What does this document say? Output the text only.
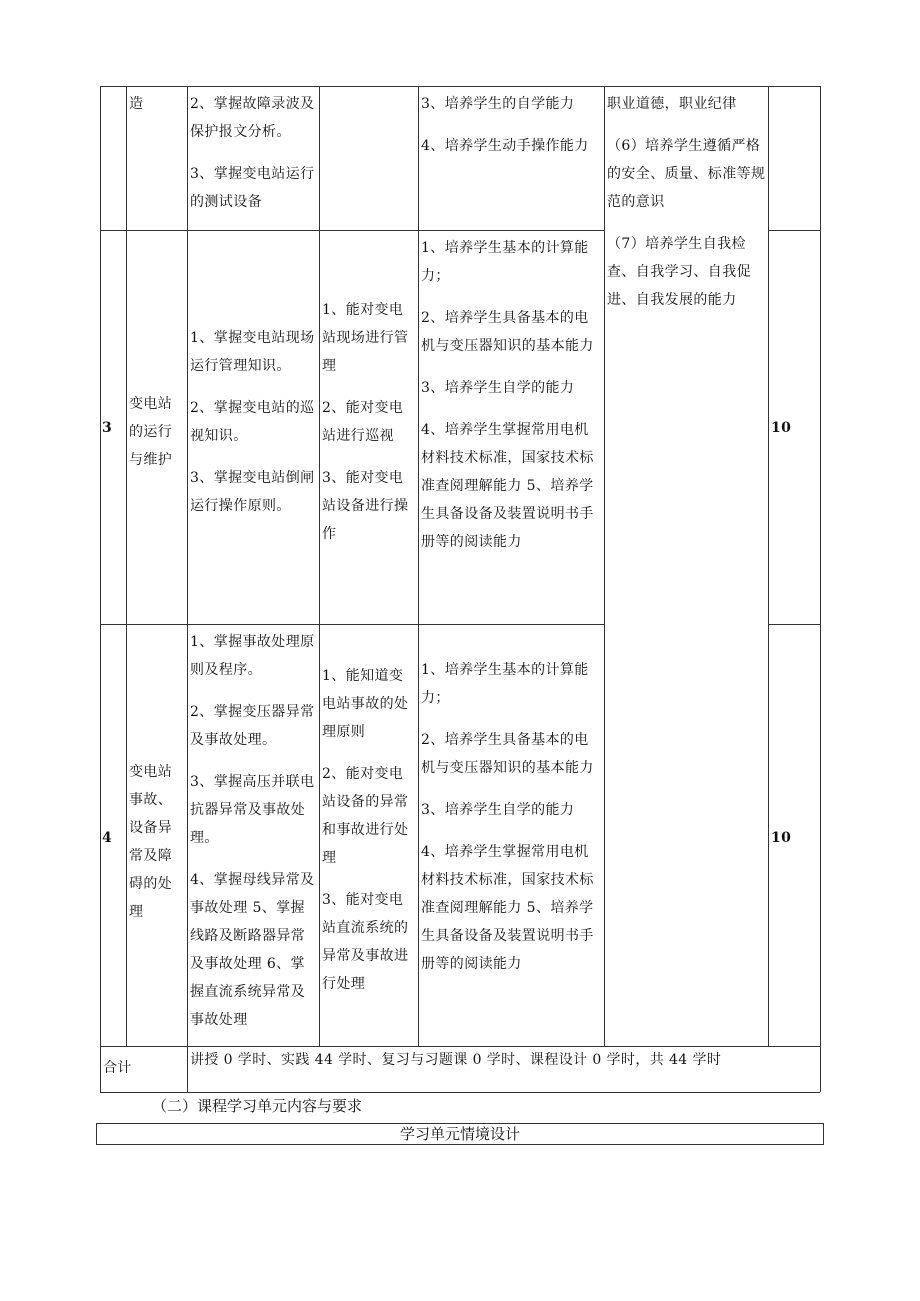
造	2、掌握故障录波及保护报文分析。

3、掌握变电站运行的测试设备

3、培养学生的自学能力

4、培养学生动手操作能力

职业道德，职业纪律

（6）培养学生遵循严格的安全、质量、标准等规范的意识

（7）培养学生自我检查、自我学习、自我促进、自我发展的能力

3

变电站的运行与维护

1、掌握变电站现场运行管理知识。

2、掌握变电站的巡视知识。

3、掌握变电站倒闸运行操作原则。

1、能对变电站现场进行管理

2、能对变电站进行巡视

3、能对变电站设备进行操作

1、培养学生基本的计算能力；

2、培养学生具备基本的电机与变压器知识的基本能力

3、培养学生自学的能力

4、培养学生掌握常用电机材料技术标准，国家技术标准查阅理解能力 5、培养学生具备设备及装置说明书手册等的阅读能力

10
4

变电站事故、设备异常及障碍的处理

1、掌握事故处理原则及程序。

2、掌握变压器异常及事故处理。

3、掌握高压并联电抗器异常及事故处理。

4、掌握母线异常及事故处理 5、掌握线路及断路器异常及事故处理 6、掌握直流系统异常及事故处理

1、能知道变电站事故的处理原则

2、能对变电站设备的异常和事故进行处理

3、能对变电站直流系统的异常及事故进行处理

1、培养学生基本的计算能力；

2、培养学生具备基本的电机与变压器知识的基本能力

3、培养学生自学的能力

4、培养学生掌握常用电机材料技术标准，国家技术标准查阅理解能力 5、培养学生具备设备及装置说明书手册等的阅读能力

10
合计	讲授 0 学时、实践 44 学时、复习与习题课 0 学时、课程设计 0 学时，共 44 学时
（二）课程学习单元内容与要求
学习单元情境设计
